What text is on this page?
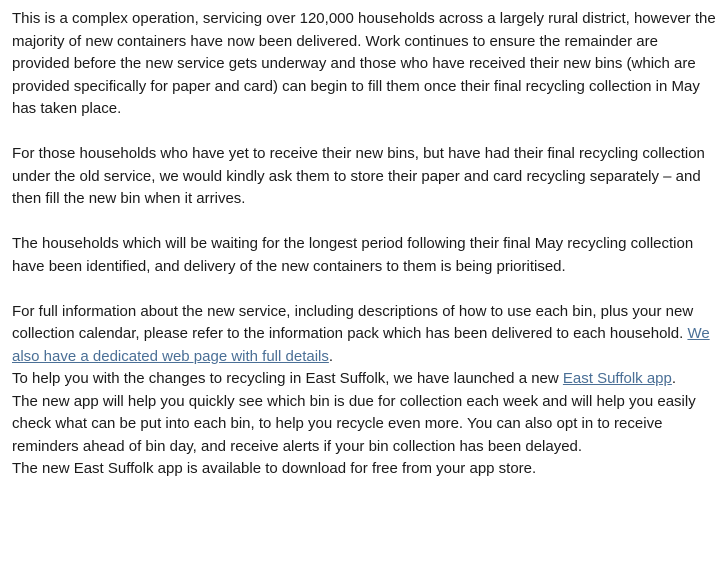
This is a complex operation, servicing over 120,000 households across a largely rural district, however the majority of new containers have now been delivered. Work continues to ensure the remainder are provided before the new service gets underway and those who have received their new bins (which are provided specifically for paper and card) can begin to fill them once their final recycling collection in May has taken place.

For those households who have yet to receive their new bins, but have had their final recycling collection under the old service, we would kindly ask them to store their paper and card recycling separately – and then fill the new bin when it arrives.

The households which will be waiting for the longest period following their final May recycling collection have been identified, and delivery of the new containers to them is being prioritised.

For full information about the new service, including descriptions of how to use each bin, plus your new collection calendar, please refer to the information pack which has been delivered to each household. We also have a dedicated web page with full details.

To help you with the changes to recycling in East Suffolk, we have launched a new East Suffolk app.

The new app will help you quickly see which bin is due for collection each week and will help you easily check what can be put into each bin, to help you recycle even more. You can also opt in to receive reminders ahead of bin day, and receive alerts if your bin collection has been delayed.

The new East Suffolk app is available to download for free from your app store.
